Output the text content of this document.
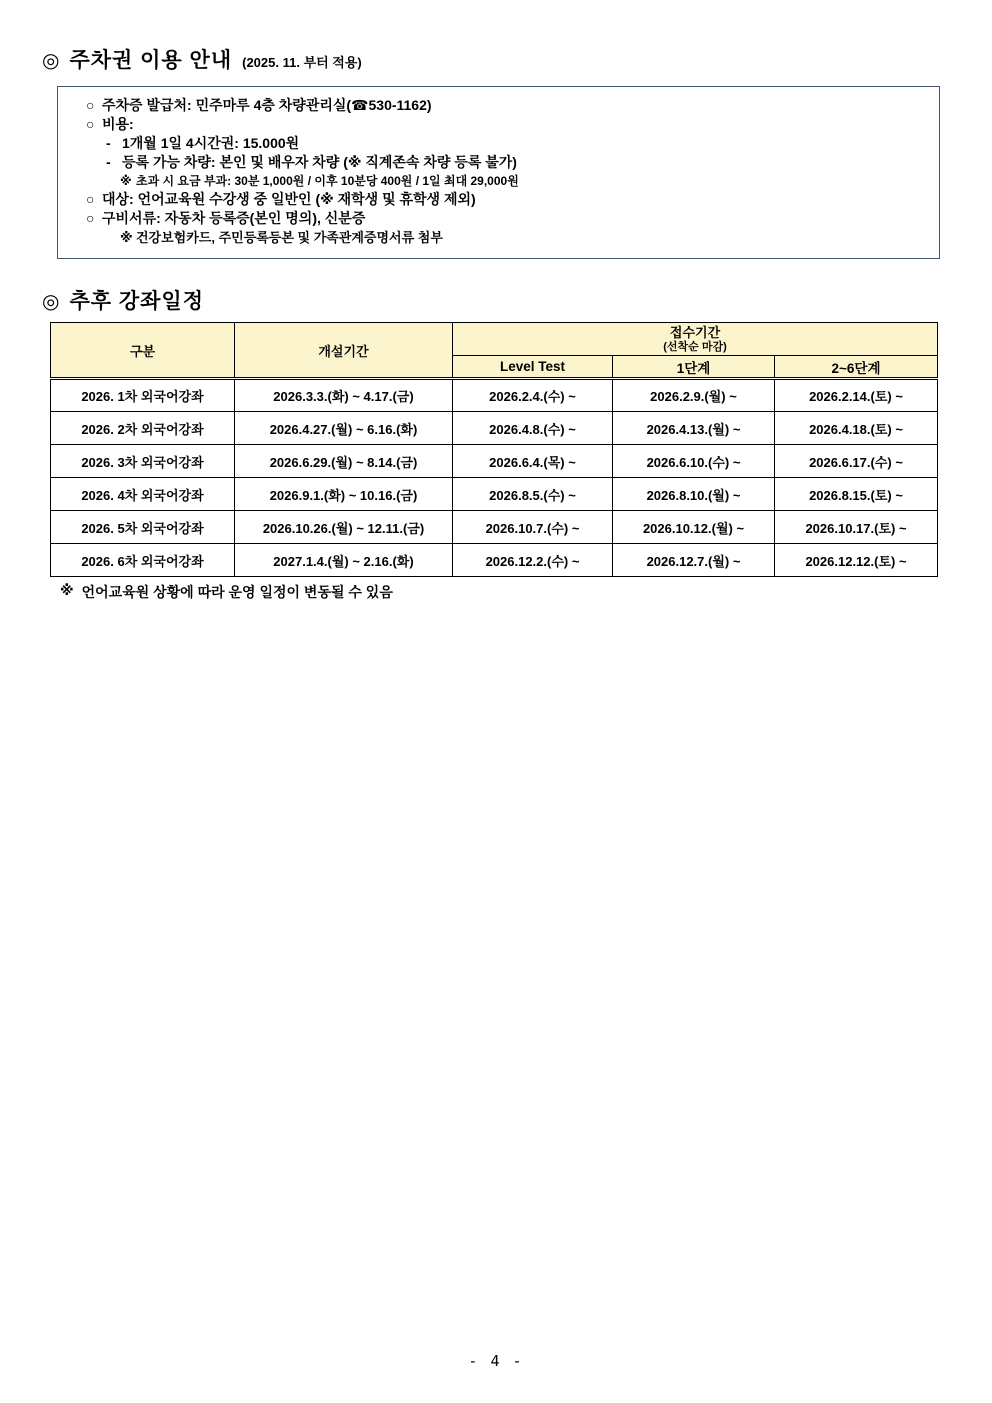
◎ 주차권 이용 안내 (2025. 11. 부터 적용)
○ 주차증 발급처: 민주마루 4층 차량관리실(☎530-1162)
○ 비용:
- 1개월 1일 4시간권: 15.000원
- 등록 가능 차량: 본인 및 배우자 차량 (※ 직계존속 차량 등록 불가)
※ 초과 시 요금 부과: 30분 1,000원 / 이후 10분당 400원 / 1일 최대 29,000원
○ 대상: 언어교육원 수강생 중 일반인 (※ 재학생 및 휴학생 제외)
○ 구비서류: 자동차 등록증(본인 명의), 신분증
※ 건강보험카드, 주민등록등본 및 가족관계증명서류 첨부
◎ 추후 강좌일정
구분	개설기간	접수기간
(선착순 마감)		

		Level Test	1단계	2~6단계
2026. 1차 외국어강좌	2026.3.3.(화) ~ 4.17.(금)	2026.2.4.(수) ~	2026.2.9.(월) ~	2026.2.14.(토) ~
2026. 2차 외국어강좌	2026.4.27.(월) ~ 6.16.(화)	2026.4.8.(수) ~	2026.4.13.(월) ~	2026.4.18.(토) ~
2026. 3차 외국어강좌	2026.6.29.(월) ~ 8.14.(금)	2026.6.4.(목) ~	2026.6.10.(수) ~	2026.6.17.(수) ~
2026. 4차 외국어강좌	2026.9.1.(화) ~ 10.16.(금)	2026.8.5.(수) ~	2026.8.10.(월) ~	2026.8.15.(토) ~
2026. 5차 외국어강좌	2026.10.26.(월) ~ 12.11.(금)	2026.10.7.(수) ~	2026.10.12.(월) ~	2026.10.17.(토) ~
2026. 6차 외국어강좌	2027.1.4.(월) ~ 2.16.(화)	2026.12.2.(수) ~	2026.12.7.(월) ~	2026.12.12.(토) ~
※ 언어교육원 상황에 따라 운영 일정이 변동될 수 있음
- 4 -
